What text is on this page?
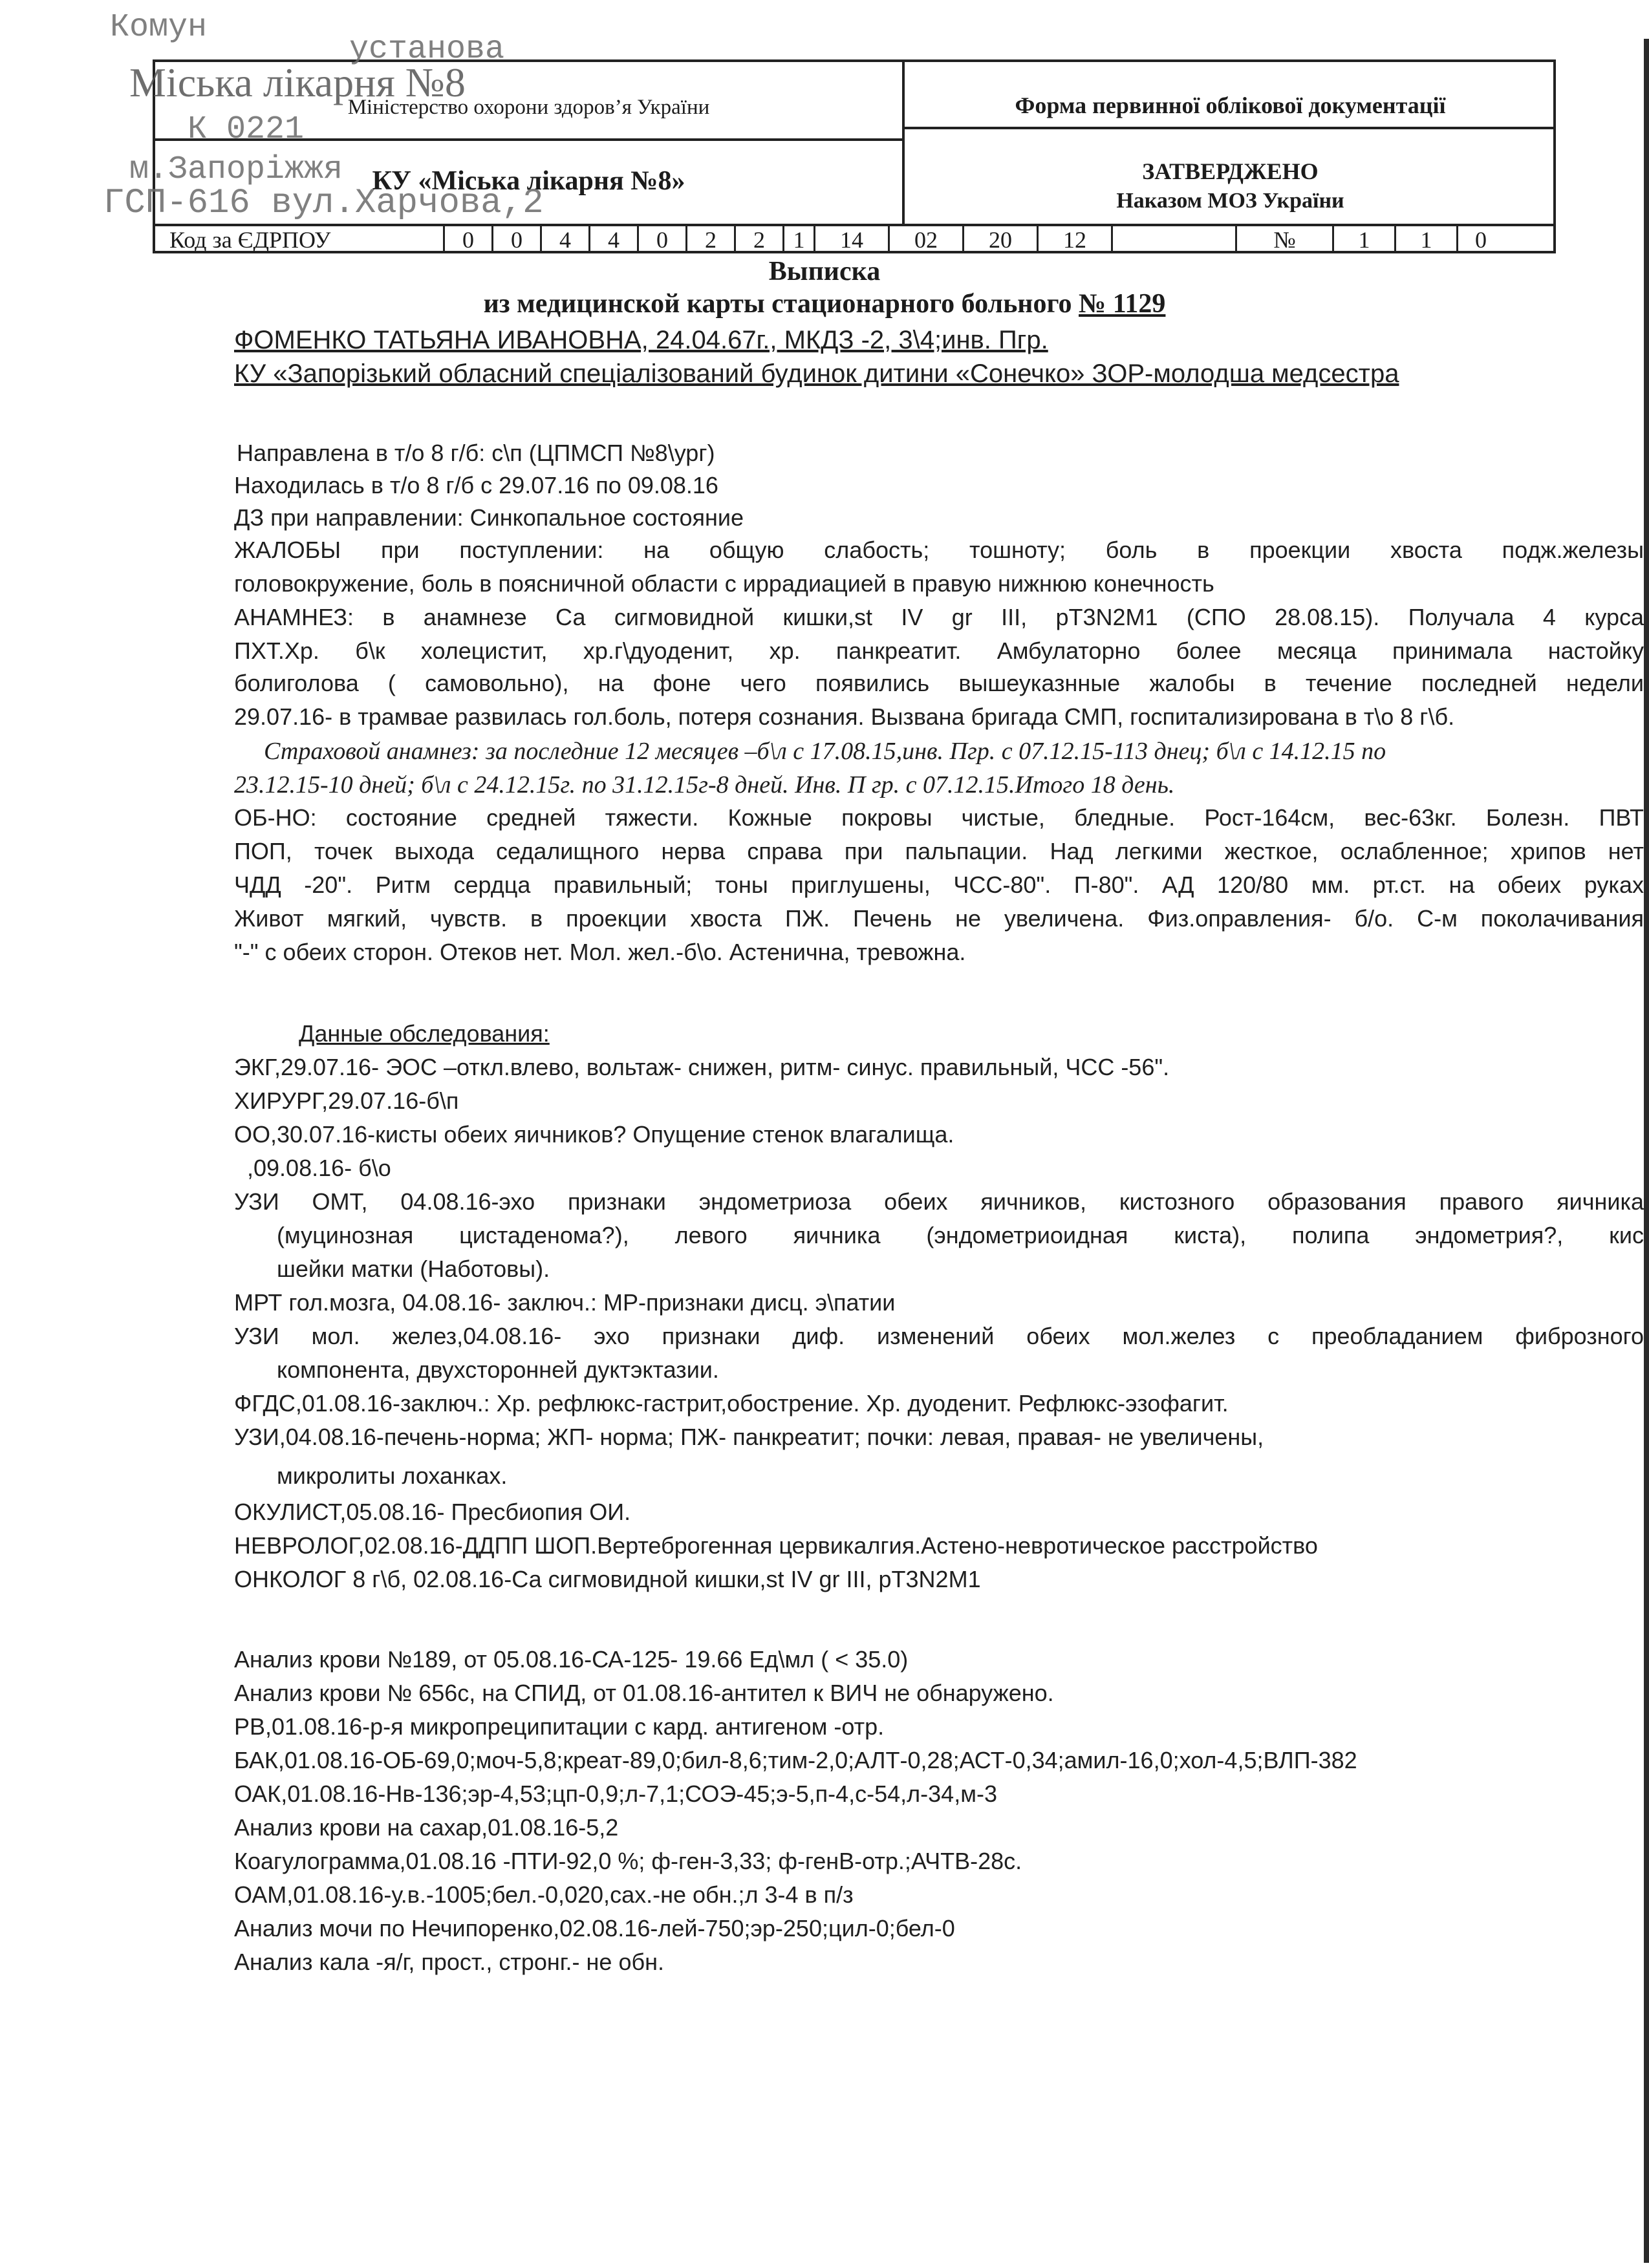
Міністерство охорони здоров’я України
КУ «Міська лікарня №8»
Форма первинної облікової документації
ЗАТВЕРДЖЕНО
Наказом МОЗ України
Код за ЄДРПОУ	0	0	4	4	0	2	2	1	14	02	20	12	№	1	1	0
Комун
установа
Міська лікарня №8
К 0221
м.Запоріжжя
ГСП-616 вул.Харчова,2
Выписка
из медицинской карты стационарного больного № 1129
ФОМЕНКО ТАТЬЯНА ИВАНОВНА, 24.04.67г., МКДЗ -2, 3\4;инв. Пгр.
КУ «Запорізький обласний спеціалізований будинок дитини «Сонечко» ЗОР-молодша медсестра
Направлена в т/о 8 г/б: с\п (ЦПМСП №8\ург)
Находилась в т/о 8 г/б с 29.07.16 по 09.08.16
ДЗ при направлении: Синкопальное состояние
ЖАЛОБЫ при поступлении: на общую слабость; тошноту; боль в проекции хвоста подж.железы
головокружение, боль в поясничной области с иррадиацией в правую нижнюю конечность
АНАМНЕЗ: в анамнезе Са сигмовидной кишки,st IV gr III, pT3N2M1 (СПО 28.08.15). Получала 4 курса
ПХТ.Хр. б\к холецистит, хр.г\дуоденит, хр. панкреатит. Амбулаторно более месяца принимала настойку
болиголова ( самовольно), на фоне чего появились вышеуказнные жалобы в течение последней недели
29.07.16- в трамвае развилась гол.боль, потеря сознания. Вызвана бригада СМП, госпитализирована в т\о 8 г\б.
Страховой анамнез: за последние 12 месяцев –б\л с 17.08.15,инв. Пгр. с 07.12.15-113 днец; б\л с 14.12.15 по
23.12.15-10 дней; б\л с 24.12.15г. по 31.12.15г-8 дней. Инв. П гр. с 07.12.15.Итого 18 день.
ОБ-НО: состояние средней тяжести. Кожные покровы чистые, бледные. Рост-164см, вес-63кг. Болезн. ПВТ
ПОП, точек выхода седалищного нерва справа при пальпации. Над легкими жесткое, ослабленное; хрипов нет
ЧДД -20". Ритм сердца правильный; тоны приглушены, ЧСС-80". П-80". АД 120/80 мм. рт.ст. на обеих руках
Живот мягкий, чувств. в проекции хвоста ПЖ. Печень не увеличена. Физ.оправления- б/о. С-м поколачивания
"-" с обеих сторон. Отеков нет. Мол. жел.-б\о. Астенична, тревожна.
Данные обследования:
ЭКГ,29.07.16- ЭОС –откл.влево, вольтаж- снижен, ритм- синус. правильный, ЧСС -56".
ХИРУРГ,29.07.16-б\п
ОО,30.07.16-кисты обеих яичников? Опущение стенок влагалища.
,09.08.16- б\о
УЗИ ОМТ, 04.08.16-эхо признаки эндометриоза обеих яичников, кистозного образования правого яичника
(муцинозная цистаденома?), левого яичника (эндометриоидная киста), полипа эндометрия?, кис
шейки матки (Наботовы).
МРТ гол.мозга, 04.08.16- заключ.: МР-признаки дисц. э\патии
УЗИ мол. желез,04.08.16- эхо признаки диф. изменений обеих мол.желез с преобладанием фиброзного
компонента, двухсторонней дуктэктазии.
ФГДС,01.08.16-заключ.: Хр. рефлюкс-гастрит,обострение. Хр. дуоденит. Рефлюкс-эзофагит.
УЗИ,04.08.16-печень-норма; ЖП- норма; ПЖ- панкреатит; почки: левая, правая- не увеличены,
микролиты лоханках.
ОКУЛИСТ,05.08.16- Пресбиопия ОИ.
НЕВРОЛОГ,02.08.16-ДДПП ШОП.Вертеброгенная цервикалгия.Астено-невротическое расстройство
ОНКОЛОГ 8 г\б, 02.08.16-Са сигмовидной кишки,st IV gr III, pT3N2M1
Анализ крови №189, от 05.08.16-СА-125- 19.66 Ед\мл ( < 35.0)
Анализ крови № 656с, на СПИД, от 01.08.16-антител к ВИЧ не обнаружено.
РВ,01.08.16-р-я микропреципитации с кард. антигеном -отр.
БАК,01.08.16-ОБ-69,0;моч-5,8;креат-89,0;бил-8,6;тим-2,0;АЛТ-0,28;АСТ-0,34;амил-16,0;хол-4,5;ВЛП-382
ОАК,01.08.16-Нв-136;эр-4,53;цп-0,9;л-7,1;СОЭ-45;э-5,п-4,с-54,л-34,м-3
Анализ крови на сахар,01.08.16-5,2
Коагулограмма,01.08.16 -ПТИ-92,0 %; ф-ген-3,33; ф-генВ-отр.;АЧТВ-28с.
ОАМ,01.08.16-у.в.-1005;бел.-0,020,сах.-не обн.;л 3-4 в п/з
Анализ мочи по Нечипоренко,02.08.16-лей-750;эр-250;цил-0;бел-0
Анализ кала -я/г, прост., стронг.- не обн.
